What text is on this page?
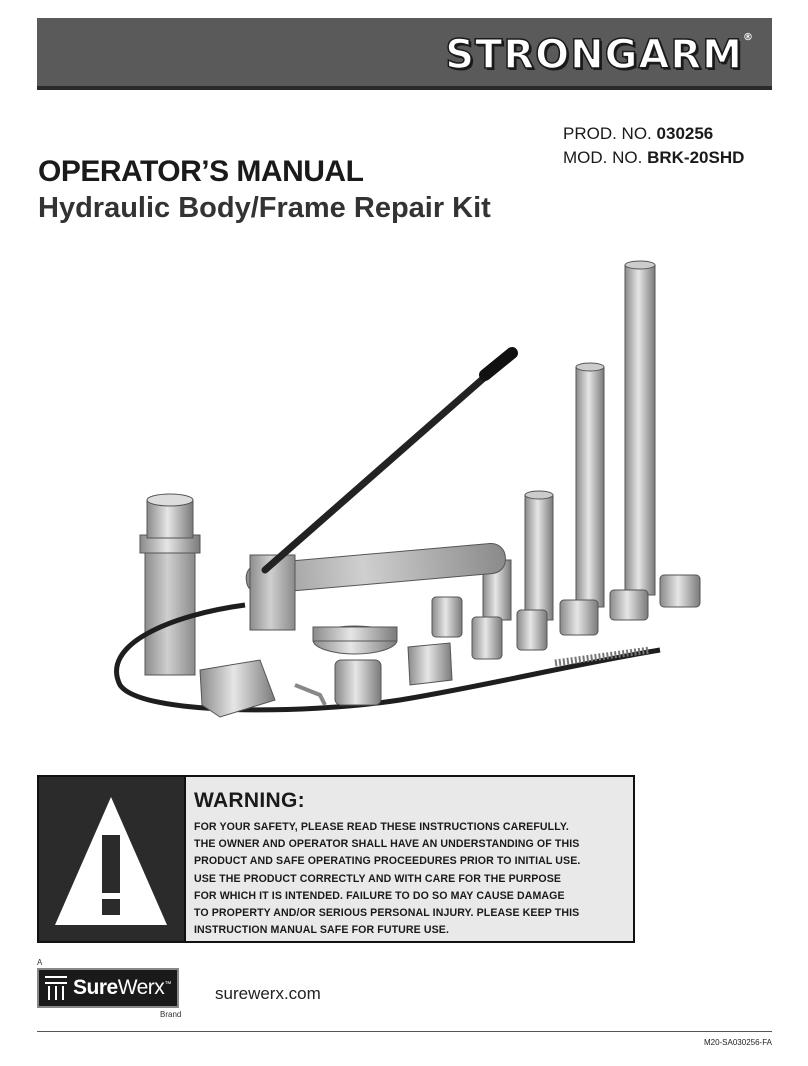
STRONGARM®
PROD. NO. 030256
MOD. NO. BRK-20SHD
OPERATOR’S MANUAL
Hydraulic Body/Frame Repair Kit

WARNING:

FOR YOUR SAFETY, PLEASE READ THESE INSTRUCTIONS CAREFULLY.

THE OWNER AND OPERATOR SHALL HAVE AN UNDERSTANDING OF THIS

PRODUCT AND SAFE OPERATING PROCEEDURES PRIOR TO INITIAL USE.

USE THE PRODUCT CORRECTLY AND WITH CARE FOR THE PURPOSE

FOR WHICH IT IS INTENDED. FAILURE TO DO SO MAY CAUSE DAMAGE

TO PROPERTY AND/OR SERIOUS PERSONAL INJURY. PLEASE KEEP THIS

INSTRUCTION MANUAL SAFE FOR FUTURE USE.

A
SureWerx™
Brand
surewerx.com
M20-SA030256-FA
